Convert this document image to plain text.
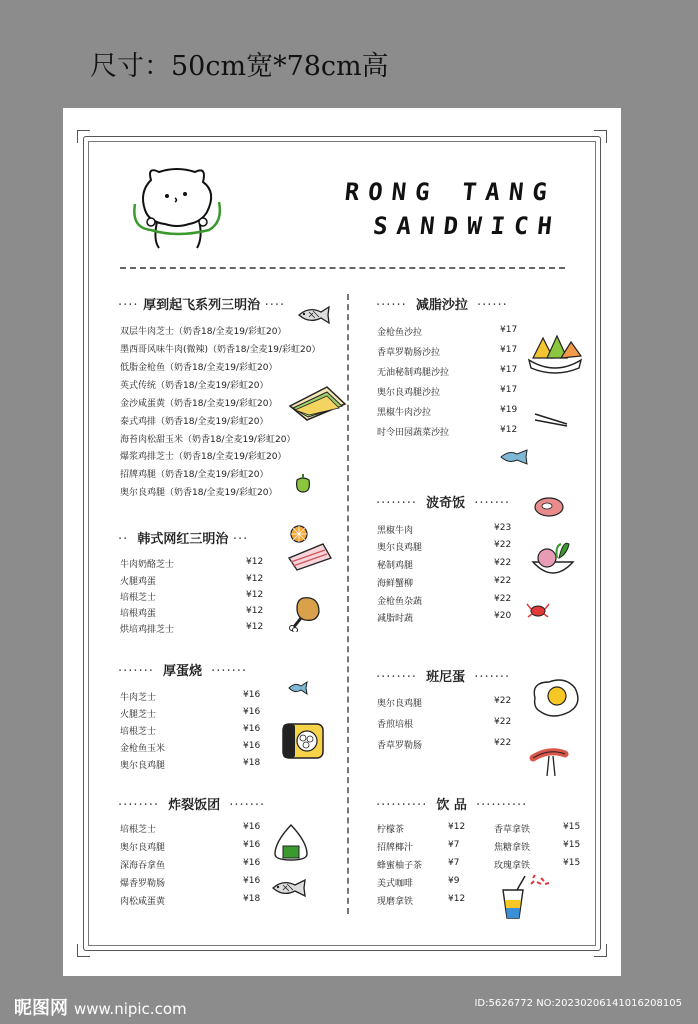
尺寸：50cm宽*78cm高
RONG TANG
SANDWICH
···· 厚到起飞系列三明治 ····
双层牛肉芝士（奶香18/全麦19/彩虹20）
墨西哥风味牛肉(微辣)（奶香18/全麦19/彩虹20）
低脂金枪鱼（奶香18/全麦19/彩虹20）
英式传统（奶香18/全麦19/彩虹20）
金沙咸蛋黄（奶香18/全麦19/彩虹20）
泰式鸡排（奶香18/全麦19/彩虹20）
海苔肉松甜玉米（奶香18/全麦19/彩虹20）
爆浆鸡排芝士（奶香18/全麦19/彩虹20）
招牌鸡腿（奶香18/全麦19/彩虹20）
奥尔良鸡腿（奶香18/全麦19/彩虹20）
·· 韩式网红三明治 ···
牛肉奶酪芝士	¥12
火腿鸡蛋	¥12
培根芝士	¥12
培根鸡蛋	¥12
烘培鸡排芝士	¥12
······· 厚蛋烧 ·······
牛肉芝士	¥16
火腿芝士	¥16
培根芝士	¥16
金枪鱼玉米	¥16
奥尔良鸡腿	¥18
········ 炸裂饭团 ·······
培根芝士	¥16
奥尔良鸡腿	¥16
深海吞拿鱼	¥16
爆香罗勒肠	¥16
肉松咸蛋黄	¥18
······ 减脂沙拉 ······
金枪鱼沙拉	¥17
香草罗勒肠沙拉	¥17
无油秘制鸡腿沙拉	¥17
奥尔良鸡腿沙拉	¥17
黑椒牛肉沙拉	¥19
时令田园蔬菜沙拉	¥12
········ 波奇饭 ·······
黑椒牛肉	¥23
奥尔良鸡腿	¥22
秘制鸡腿	¥22
海鲜蟹柳	¥22
金枪鱼杂蔬	¥22
减脂时蔬	¥20
········ 班尼蛋 ·······
奥尔良鸡腿	¥22
香煎培根	¥22
香草罗勒肠	¥22
·········· 饮 品 ··········
柠檬茶	¥12
招牌椰汁	¥7
蜂蜜柚子茶	¥7
美式咖啡	¥9
现磨拿铁	¥12
香草拿铁	¥15
焦糖拿铁	¥15
玫瑰拿铁	¥15
昵图网 www.nipic.com	ID:5626772 NO:20230206141016208105
